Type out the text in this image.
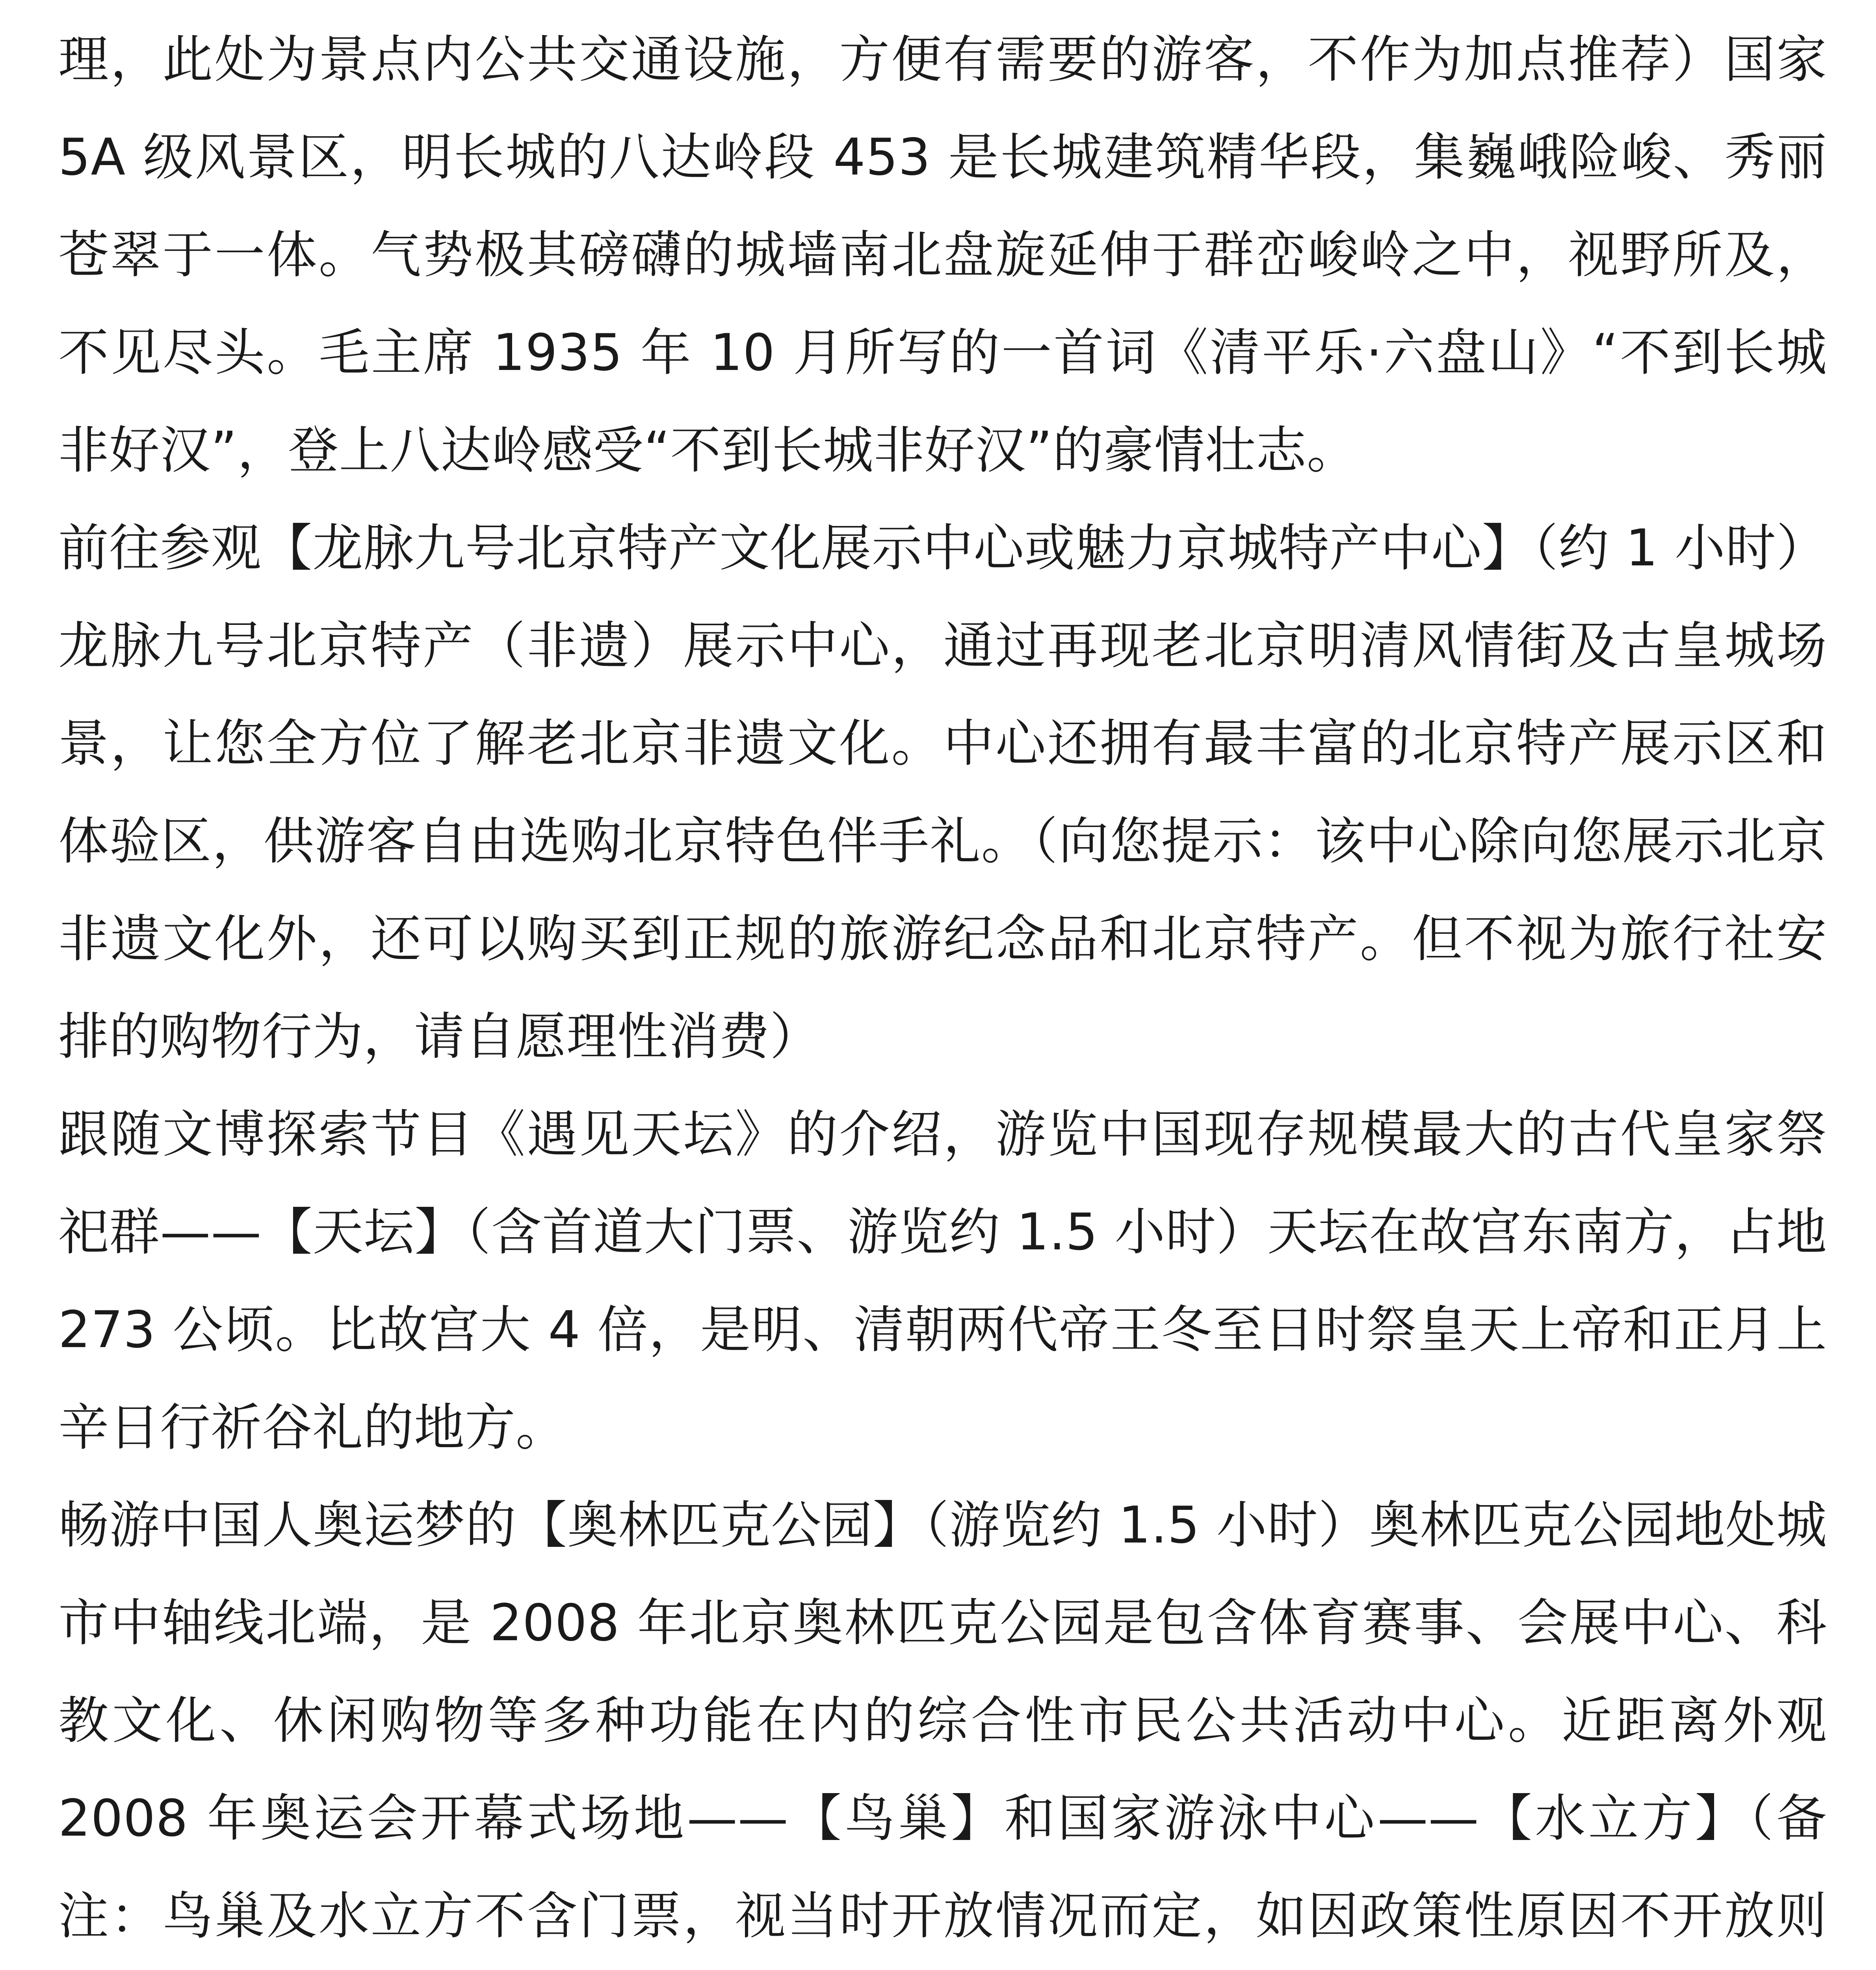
理，此处为景点内公共交通设施，方便有需要的游客，不作为加点推荐）国家 5A 级风景区，明长城的八达岭段 453 是长城建筑精华段，集巍峨险峻、秀丽苍翠于一体。气势极其磅礴的城墙南北盘旋延伸于群峦峻岭之中，视野所及，不见尽头。毛主席 1935 年 10 月所写的一首词《清平乐·六盘山》“不到长城非好汉”，登上八达岭感受“不到长城非好汉”的豪情壮志。

前往参观【龙脉九号北京特产文化展示中心或魅力京城特产中心】（约 1 小时）龙脉九号北京特产（非遗）展示中心，通过再现老北京明清风情街及古皇城场景，让您全方位了解老北京非遗文化。中心还拥有最丰富的北京特产展示区和体验区，供游客自由选购北京特色伴手礼。（向您提示：该中心除向您展示北京非遗文化外，还可以购买到正规的旅游纪念品和北京特产。但不视为旅行社安排的购物行为，请自愿理性消费）

跟随文博探索节目《遇见天坛》的介绍，游览中国现存规模最大的古代皇家祭祀群——【天坛】（含首道大门票、游览约 1.5 小时）天坛在故宫东南方，占地 273 公顷。比故宫大 4 倍，是明、清朝两代帝王冬至日时祭皇天上帝和正月上辛日行祈谷礼的地方。

畅游中国人奥运梦的【奥林匹克公园】（游览约 1.5 小时）奥林匹克公园地处城市中轴线北端，是 2008 年北京奥林匹克公园是包含体育赛事、会展中心、科教文化、休闲购物等多种功能在内的综合性市民公共活动中心。近距离外观 2008 年奥运会开幕式场地——【鸟巢】和国家游泳中心——【水立方】（备注：鸟巢及水立方不含门票，视当时开放情况而定，如因政策性原因不开放则
